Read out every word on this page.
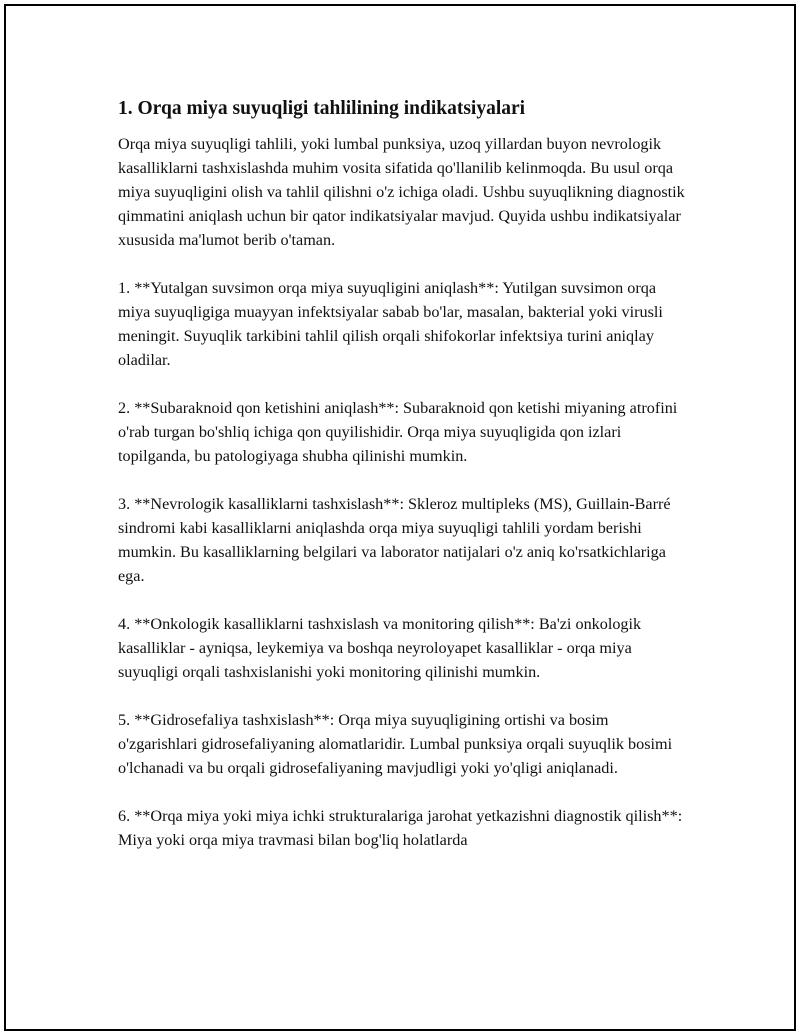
1. Orqa miya suyuqligi tahlilining indikatsiyalari

Orqa miya suyuqligi tahlili, yoki lumbal punksiya, uzoq yillardan buyon nevrologik kasalliklarni tashxislashda muhim vosita sifatida qo'llanilib kelinmoqda. Bu usul orqa miya suyuqligini olish va tahlil qilishni o'z ichiga oladi. Ushbu suyuqlikning diagnostik qimmatini aniqlash uchun bir qator indikatsiyalar mavjud. Quyida ushbu indikatsiyalar xususida ma'lumot berib o'taman.

1. **Yutalgan suvsimon orqa miya suyuqligini aniqlash**: Yutilgan suvsimon orqa miya suyuqligiga muayyan infektsiyalar sabab bo'lar, masalan, bakterial yoki virusli meningit. Suyuqlik tarkibini tahlil qilish orqali shifokorlar infektsiya turini aniqlay oladilar.

2. **Subaraknoid qon ketishini aniqlash**: Subaraknoid qon ketishi miyaning atrofini o'rab turgan bo'shliq ichiga qon quyilishidir. Orqa miya suyuqligida qon izlari topilganda, bu patologiyaga shubha qilinishi mumkin.

3. **Nevrologik kasalliklarni tashxislash**: Skleroz multipleks (MS), Guillain-Barré sindromi kabi kasalliklarni aniqlashda orqa miya suyuqligi tahlili yordam berishi mumkin. Bu kasalliklarning belgilari va laborator natijalari o'z aniq ko'rsatkichlariga ega.

4. **Onkologik kasalliklarni tashxislash va monitoring qilish**: Ba'zi onkologik kasalliklar - ayniqsa, leykemiya va boshqa neyroloyapet kasalliklar - orqa miya suyuqligi orqali tashxislanishi yoki monitoring qilinishi mumkin.

5. **Gidrosefaliya tashxislash**: Orqa miya suyuqligining ortishi va bosim o'zgarishlari gidrosefaliyaning alomatlaridir. Lumbal punksiya orqali suyuqlik bosimi o'lchanadi va bu orqali gidrosefaliyaning mavjudligi yoki yo'qligi aniqlanadi.

6. **Orqa miya yoki miya ichki strukturalariga jarohat yetkazishni diagnostik qilish**: Miya yoki orqa miya travmasi bilan bog'liq holatlarda
